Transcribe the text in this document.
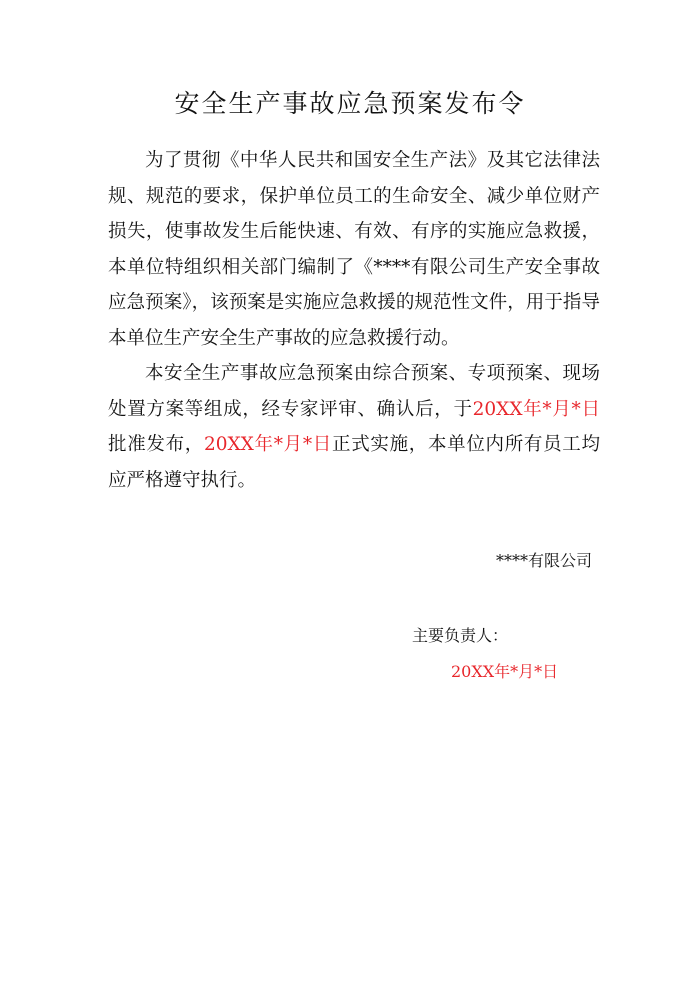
安全生产事故应急预案发布令

为了贯彻《中华人民共和国安全生产法》及其它法律法规、规范的要求，保护单位员工的生命安全、减少单位财产损失，使事故发生后能快速、有效、有序的实施应急救援，本单位特组织相关部门编制了《****有限公司生产安全事故应急预案》，该预案是实施应急救援的规范性文件，用于指导本单位生产安全生产事故的应急救援行动。

本安全生产事故应急预案由综合预案、专项预案、现场处置方案等组成，经专家评审、确认后，于20XX年*月*日批准发布，20XX年*月*日正式实施，本单位内所有员工均应严格遵守执行。

****有限公司
主要负责人：
20XX年*月*日
